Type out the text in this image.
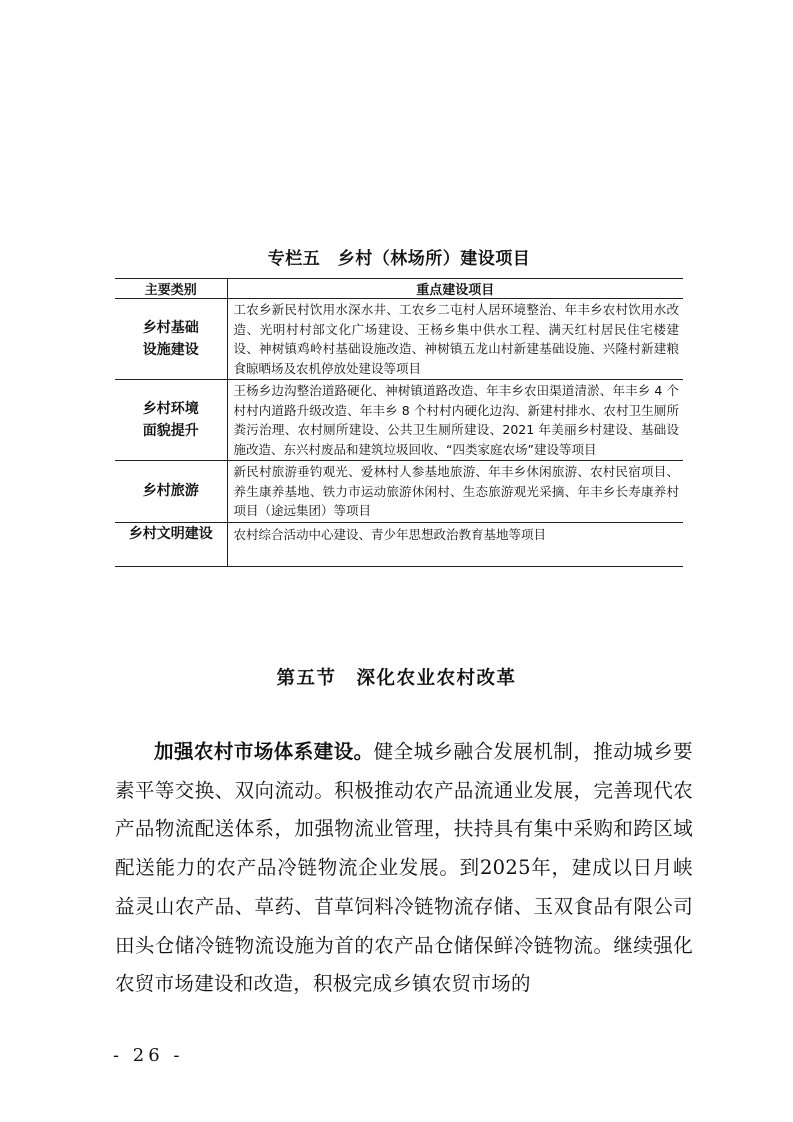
专栏五　乡村（林场所）建设项目
主要类别	重点建设项目
乡村基础
设施建设	工农乡新民村饮用水深水井、工农乡二屯村人居环境整治、年丰乡农村饮用水改造、光明村村部文化广场建设、王杨乡集中供水工程、满天红村居民住宅楼建设、神树镇鸡岭村基础设施改造、神树镇五龙山村新建基础设施、兴隆村新建粮食晾晒场及农机停放处建设等项目
乡村环境
面貌提升	王杨乡边沟整治道路硬化、神树镇道路改造、年丰乡农田渠道清淤、年丰乡 4 个村村内道路升级改造、年丰乡 8 个村村内硬化边沟、新建村排水、农村卫生厕所粪污治理、农村厕所建设、公共卫生厕所建设、2021 年美丽乡村建设、基础设施改造、东兴村废品和建筑垃圾回收、“四类家庭农场”建设等项目
乡村旅游	新民村旅游垂钓观光、爱林村人参基地旅游、年丰乡休闲旅游、农村民宿项目、养生康养基地、铁力市运动旅游休闲村、生态旅游观光采摘、年丰乡长寿康养村项目（途远集团）等项目
乡村文明建设	农村综合活动中心建设、青少年思想政治教育基地等项目
第五节　深化农业农村改革

加强农村市场体系建设。健全城乡融合发展机制，推动城乡要素平等交换、双向流动。积极推动农产品流通业发展，完善现代农产品物流配送体系，加强物流业管理，扶持具有集中采购和跨区域配送能力的农产品冷链物流企业发展。到2025年，建成以日月峡益灵山农产品、草药、苜草饲料冷链物流存储、玉双食品有限公司田头仓储冷链物流设施为首的农产品仓储保鲜冷链物流。继续强化农贸市场建设和改造，积极完成乡镇农贸市场的

- 26 -
